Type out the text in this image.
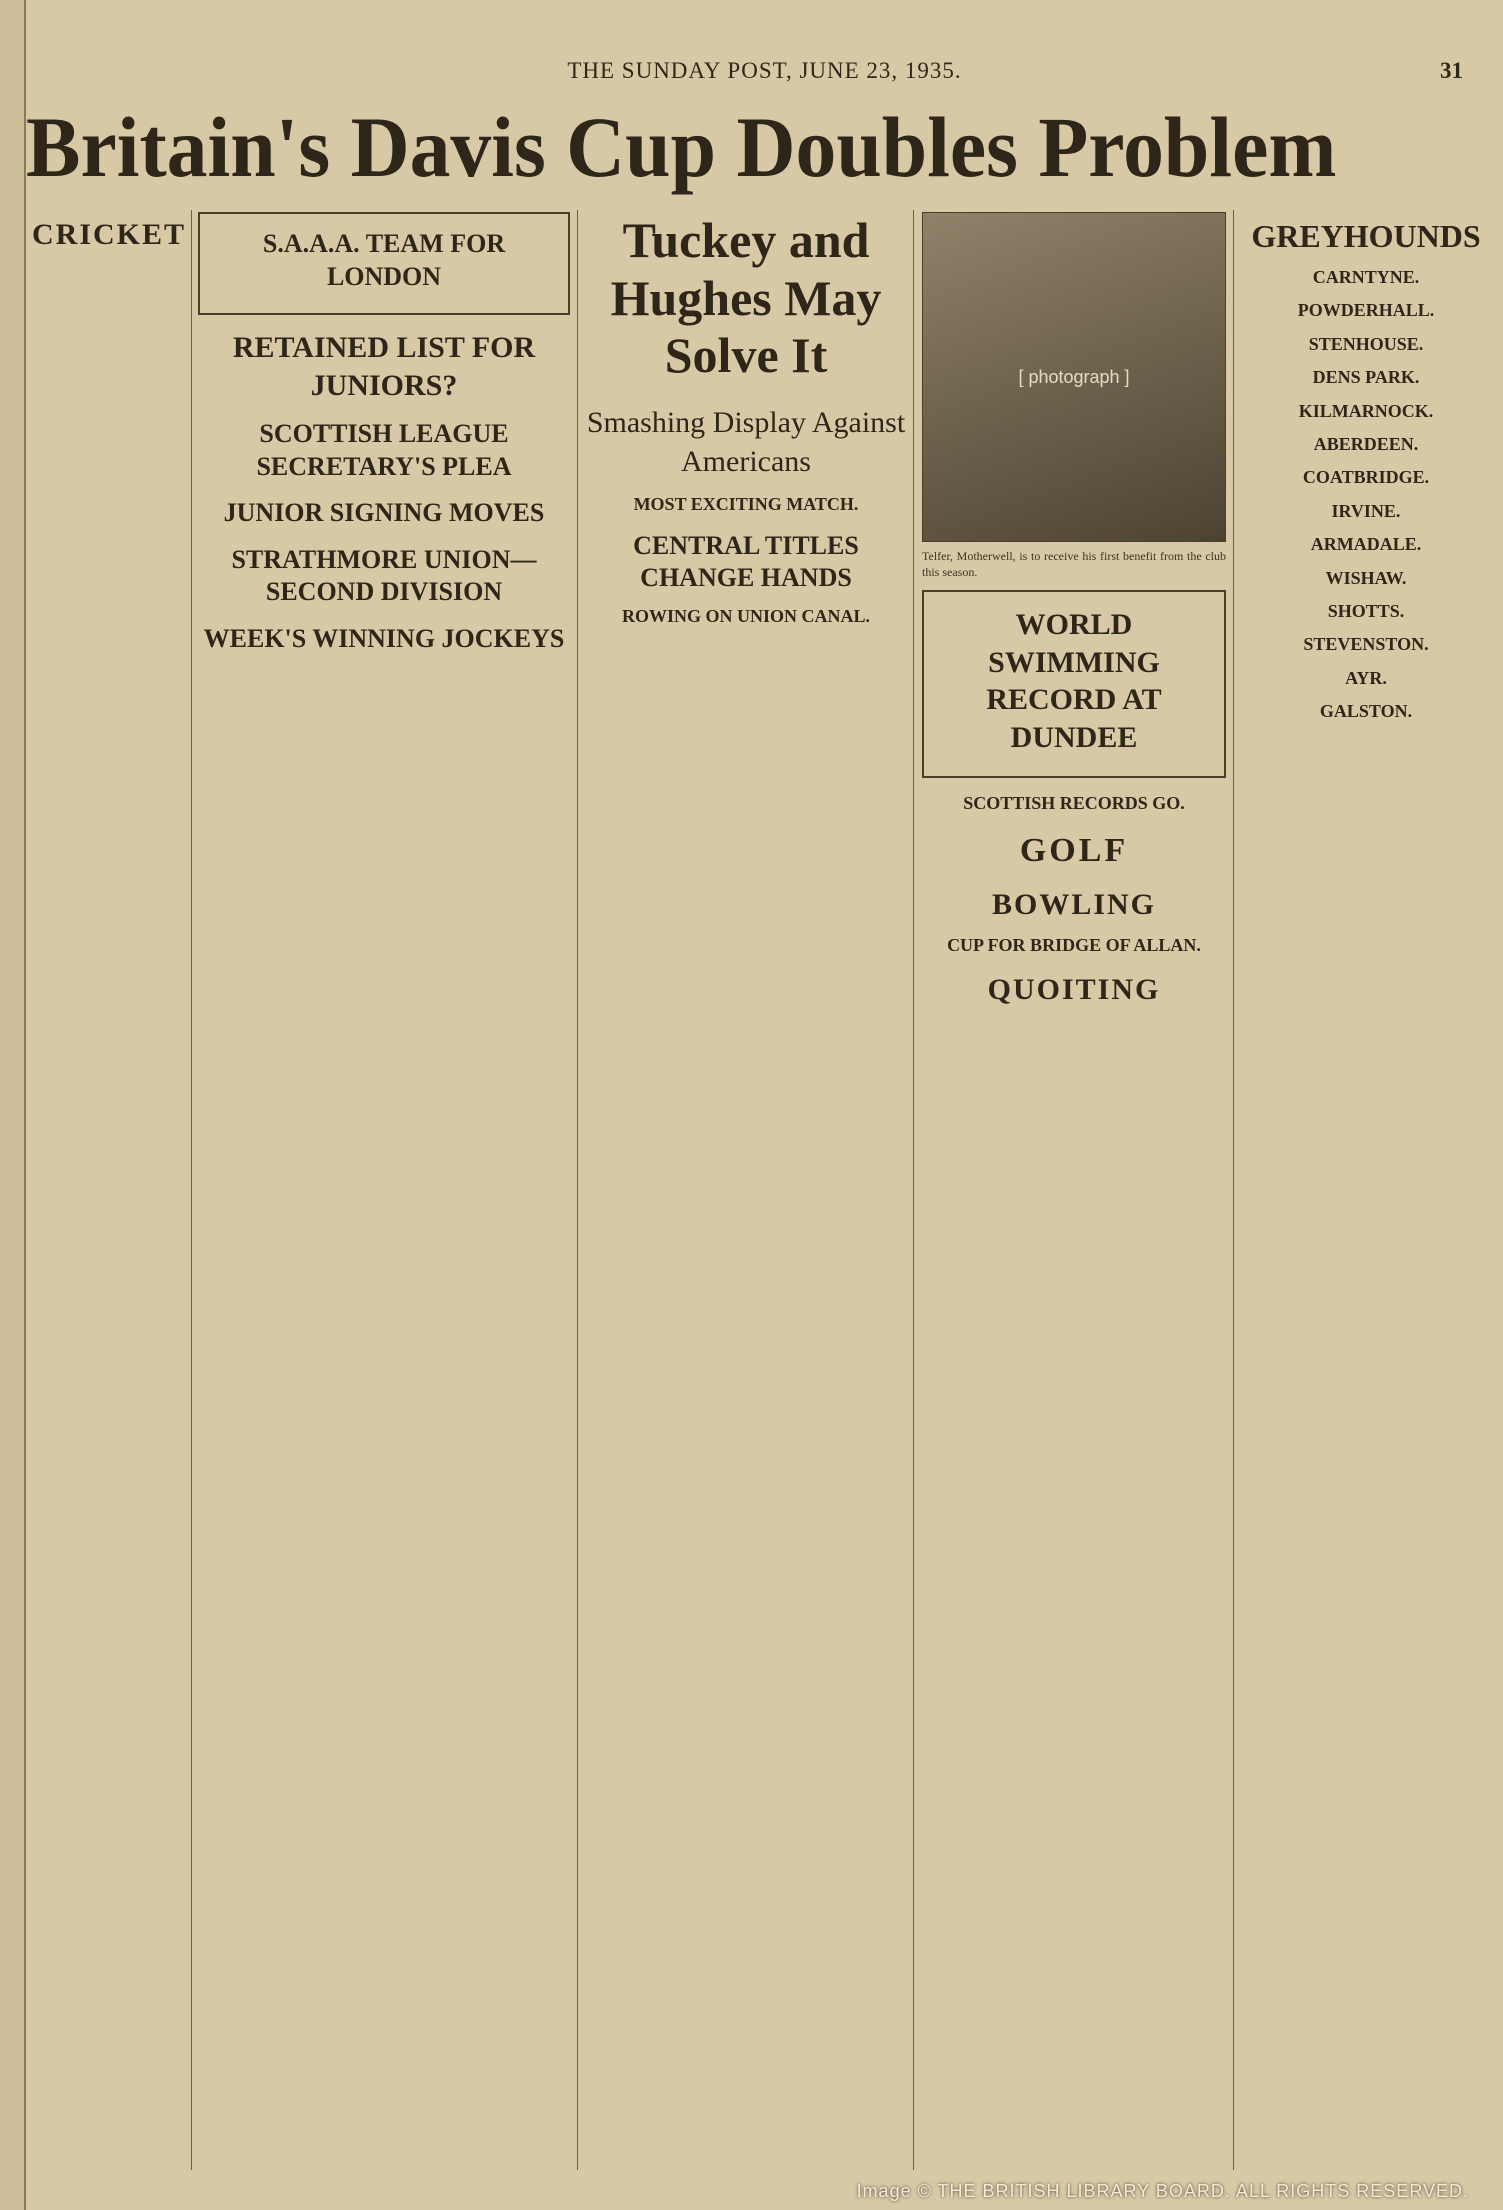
THE SUNDAY POST, JUNE 23, 1935.	31
Britain's Davis Cup Doubles Problem
CRICKET	S.A.A.A. TEAM FOR LONDON
RETAINED LIST FOR JUNIORS?
SCOTTISH LEAGUE SECRETARY'S PLEA
JUNIOR SIGNING MOVES
STRATHMORE UNION—SECOND DIVISION
WEEK'S WINNING JOCKEYS
Tuckey and Hughes May Solve It
Smashing Display Against Americans
MOST EXCITING MATCH.
CENTRAL TITLES CHANGE HANDS
ROWING ON UNION CANAL.
[ photograph ]
Telfer, Motherwell, is to receive his first benefit from the club this season.
WORLD SWIMMING RECORD AT DUNDEE
SCOTTISH RECORDS GO.
GOLF
BOWLING
CUP FOR BRIDGE OF ALLAN.
QUOITING
GREYHOUNDS
CARNTYNE.
POWDERHALL.
STENHOUSE.
DENS PARK.
KILMARNOCK.
ABERDEEN.
COATBRIDGE.
IRVINE.
ARMADALE.
WISHAW.
SHOTTS.
STEVENSTON.
AYR.
GALSTON.
Image © THE BRITISH LIBRARY BOARD. ALL RIGHTS RESERVED.
